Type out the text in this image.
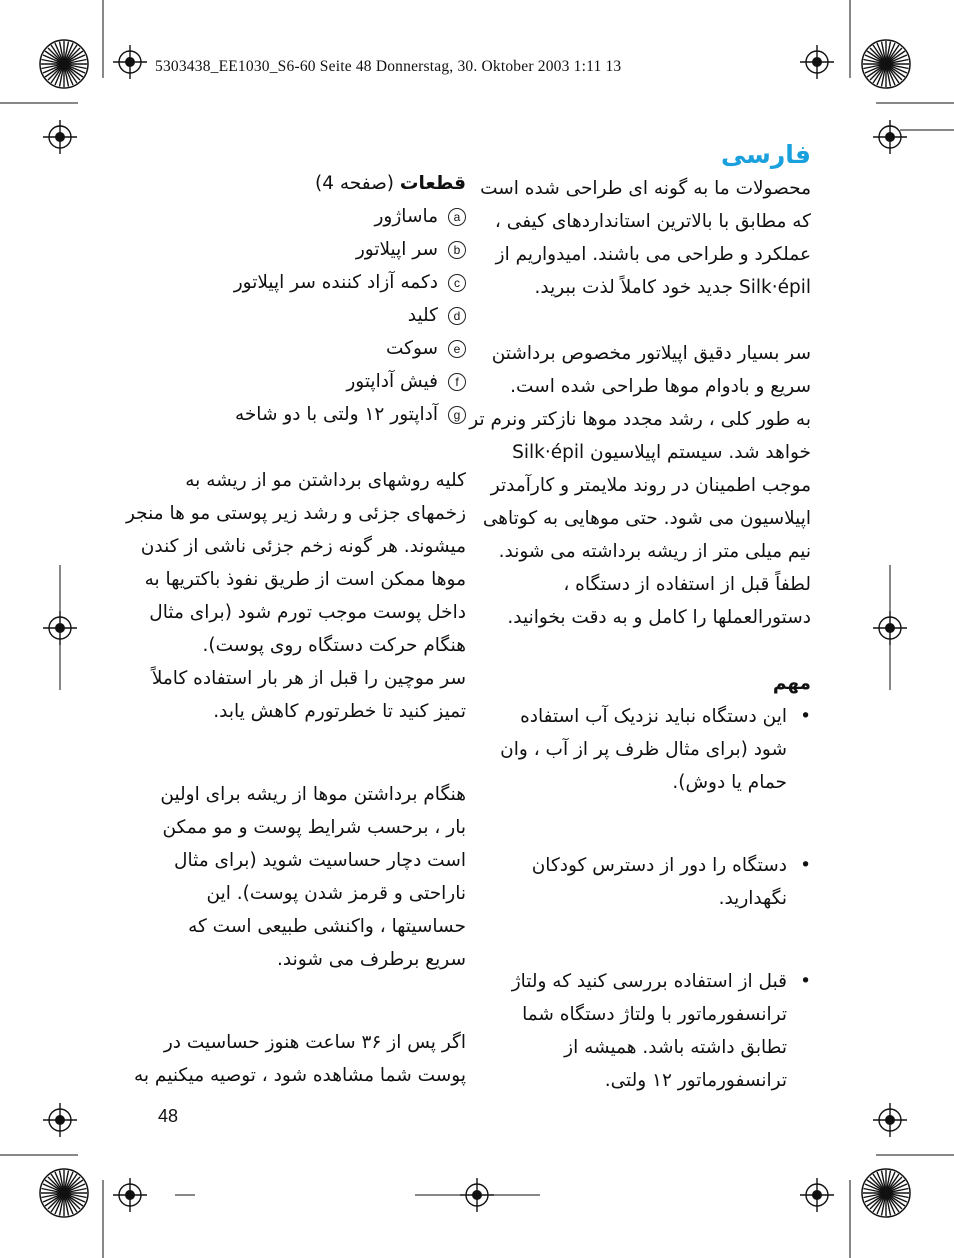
5303438_EE1030_S6-60 Seite 48 Donnerstag, 30. Oktober 2003 1:11 13
فارسی
محصولات ما به گونه ای طراحی شده است
که مطابق با بالاترین استانداردهای کیفی ،
عملکرد و طراحی می باشند. امیدواریم از
Silk·épil جدید خود کاملاً لذت ببرید.
سر بسیار دقیق اپیلاتور مخصوص برداشتن
سریع و بادوام موها طراحی شده است.
به طور کلی ، رشد مجدد موها نازکتر ونرم تر
خواهد شد. سیستم اپیلاسیون Silk·épil
موجب اطمینان در روند ملایمتر و کارآمدتر
اپیلاسیون می شود. حتی موهایی به کوتاهی
نیم میلی متر از ریشه برداشته می شوند.
لطفاً قبل از استفاده از دستگاه ،
دستورالعملها را کامل و به دقت بخوانید.
مهم
•
این دستگاه نباید نزدیک آب استفاده
شود (برای مثال ظرف پر از آب ، وان
حمام یا دوش).
•
دستگاه را دور از دسترس کودکان
نگهدارید.
•
قبل از استفاده بررسی کنید که ولتاژ
ترانسفورماتور با ولتاژ دستگاه شما
تطابق داشته باشد. همیشه از
ترانسفورماتور ۱۲ ولتی.
قطعات (صفحه 4)
a
ماساژور
b
سر اپیلاتور
c
دکمه آزاد کننده سر اپیلاتور
d
کلید
e
سوکت
f
فیش آداپتور
g
آداپتور ۱۲ ولتی با دو شاخه
کلیه روشهای برداشتن مو از ریشه به
زخمهای جزئی و رشد زیر پوستی مو ها منجر
میشوند. هر گونه زخم جزئی ناشی از کندن
موها ممکن است از طریق نفوذ باکتریها به
داخل پوست موجب تورم شود (برای مثال
هنگام حرکت دستگاه روی پوست).
سر موچین را قبل از هر بار استفاده کاملاً
تمیز کنید تا خطرتورم کاهش یابد.
هنگام برداشتن موها از ریشه برای اولین
بار ، برحسب شرایط پوست و مو ممکن
است دچار حساسیت شوید (برای مثال
ناراحتی و قرمز شدن پوست). این
حساسیتها ، واکنشی طبیعی است که
سریع برطرف می شوند.
اگر پس از ۳۶ ساعت هنوز حساسیت در
پوست شما مشاهده شود ، توصیه میکنیم به
48
